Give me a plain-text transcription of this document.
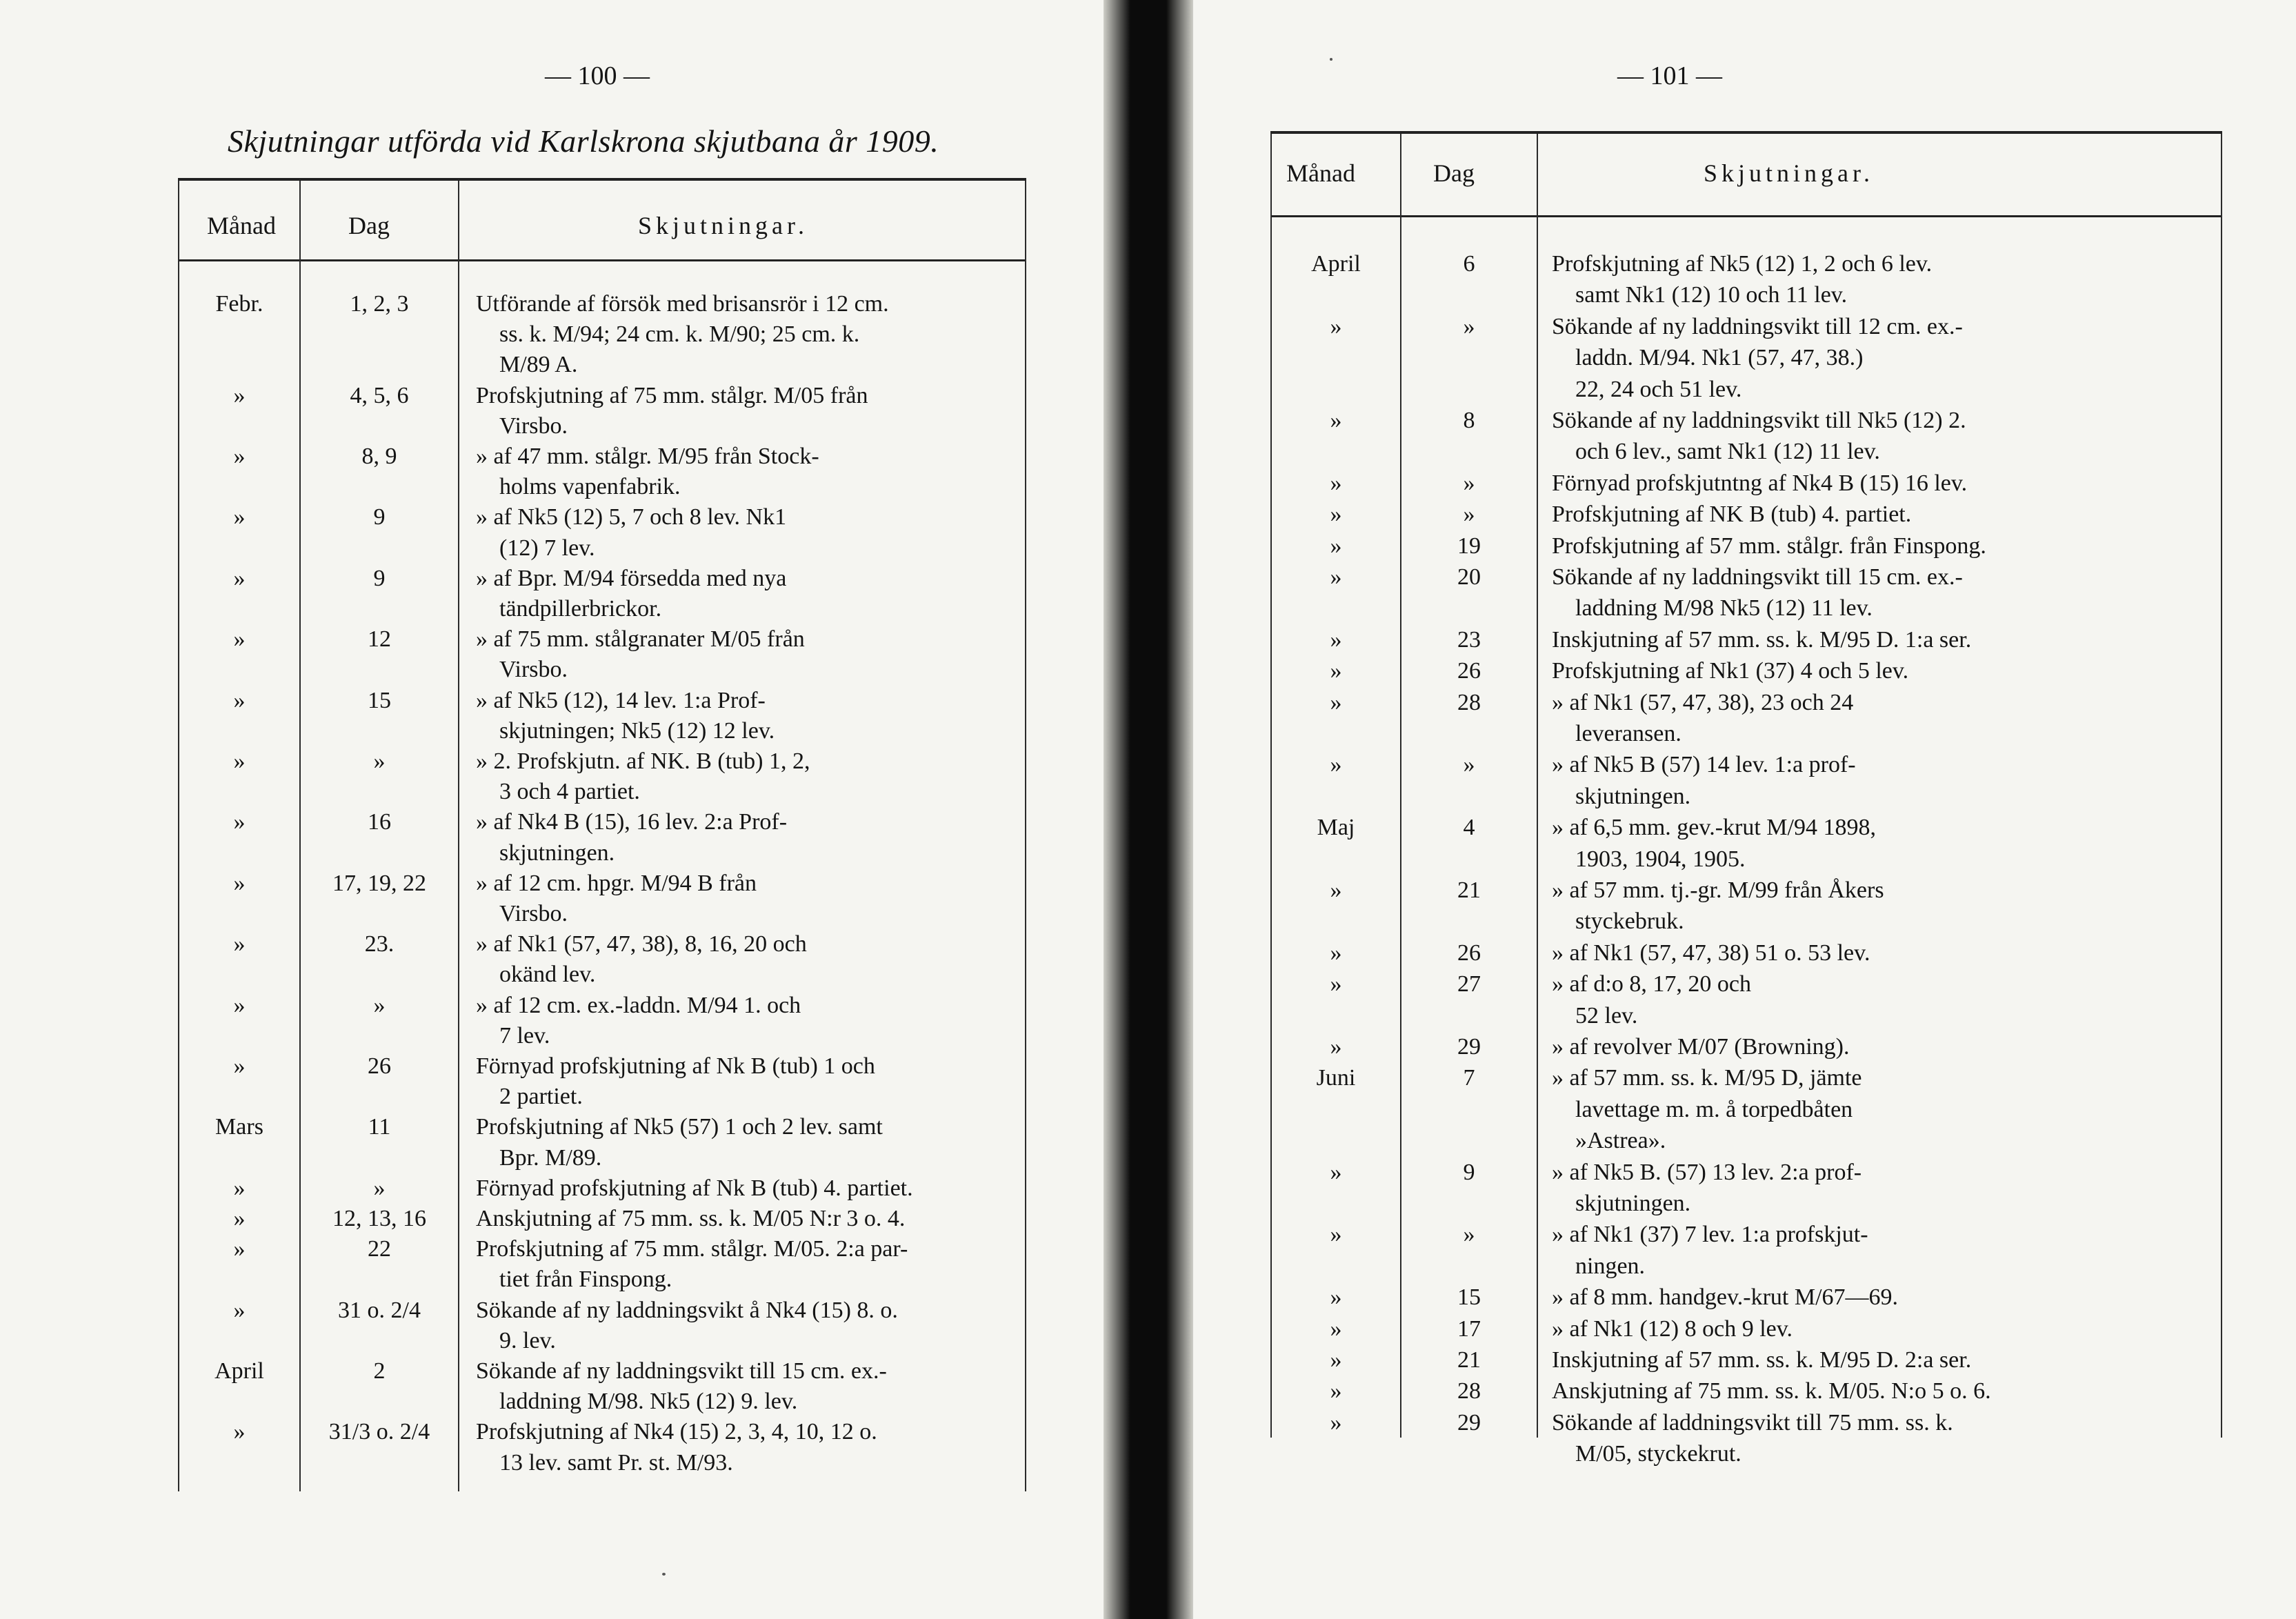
— 100 —
Skjutningar utförda vid Karlskrona skjutbana år 1909.
Månad	Dag	Skjutningar.
Febr.	1, 2, 3	Utförande af försök med brisansrör i 12 cm.
ss. k. M/94; 24 cm. k. M/90; 25 cm. k.
M/89 A.
»	4, 5, 6	Profskjutning af 75 mm. stålgr. M/05 från
Virsbo.
»	8, 9	» af 47 mm. stålgr. M/95 från Stock-
holms vapenfabrik.
»	9	» af Nk5 (12) 5, 7 och 8 lev. Nk1
(12) 7 lev.
»	9	» af Bpr. M/94 försedda med nya
tändpillerbrickor.
»	12	» af 75 mm. stålgranater M/05 från
Virsbo.
»	15	» af Nk5 (12), 14 lev. 1:a Prof-
skjutningen; Nk5 (12) 12 lev.
»	»	» 2. Profskjutn. af NK. B (tub) 1, 2,
3 och 4 partiet.
»	16	» af Nk4 B (15), 16 lev. 2:a Prof-
skjutningen.
»	17, 19, 22	» af 12 cm. hpgr. M/94 B från
Virsbo.
»	23.	» af Nk1 (57, 47, 38), 8, 16, 20 och
okänd lev.
»	»	» af 12 cm. ex.-laddn. M/94 1. och
7 lev.
»	26	Förnyad profskjutning af Nk B (tub) 1 och
2 partiet.
Mars	11	Profskjutning af Nk5 (57) 1 och 2 lev. samt
Bpr. M/89.
»	»	Förnyad profskjutning af Nk B (tub) 4. partiet.
»	12, 13, 16	Anskjutning af 75 mm. ss. k. M/05 N:r 3 o. 4.
»	22	Profskjutning af 75 mm. stålgr. M/05. 2:a par-
tiet från Finspong.
»	31 o. 2/4	Sökande af ny laddningsvikt å Nk4 (15) 8. o.
9. lev.
April	2	Sökande af ny laddningsvikt till 15 cm. ex.-
laddning M/98. Nk5 (12) 9. lev.
»	31/3 o. 2/4	Profskjutning af Nk4 (15) 2, 3, 4, 10, 12 o.
13 lev. samt Pr. st. M/93.
— 101 —
Månad	Dag	Skjutningar.
April	6	Profskjutning af Nk5 (12) 1, 2 och 6 lev.
samt Nk1 (12) 10 och 11 lev.
»	»	Sökande af ny laddningsvikt till 12 cm. ex.-
laddn. M/94. Nk1 (57, 47, 38.)
22, 24 och 51 lev.
»	8	Sökande af ny laddningsvikt till Nk5 (12) 2.
och 6 lev., samt Nk1 (12) 11 lev.
»	»	Förnyad profskjutntng af Nk4 B (15) 16 lev.
»	»	Profskjutning af NK B (tub) 4. partiet.
»	19	Profskjutning af 57 mm. stålgr. från Finspong.
»	20	Sökande af ny laddningsvikt till 15 cm. ex.-
laddning M/98 Nk5 (12) 11 lev.
»	23	Inskjutning af 57 mm. ss. k. M/95 D. 1:a ser.
»	26	Profskjutning af Nk1 (37) 4 och 5 lev.
»	28	» af Nk1 (57, 47, 38), 23 och 24
leveransen.
»	»	» af Nk5 B (57) 14 lev. 1:a prof-
skjutningen.
Maj	4	» af 6,5 mm. gev.-krut M/94 1898,
1903, 1904, 1905.
»	21	» af 57 mm. tj.-gr. M/99 från Åkers
styckebruk.
»	26	» af Nk1 (57, 47, 38) 51 o. 53 lev.
»	27	» af d:o 8, 17, 20 och
52 lev.
»	29	» af revolver M/07 (Browning).
Juni	7	» af 57 mm. ss. k. M/95 D, jämte
lavettage m. m. å torpedbåten
»Astrea».
»	9	» af Nk5 B. (57) 13 lev. 2:a prof-
skjutningen.
»	»	» af Nk1 (37) 7 lev. 1:a profskjut-
ningen.
»	15	» af 8 mm. handgev.-krut M/67—69.
»	17	» af Nk1 (12) 8 och 9 lev.
»	21	Inskjutning af 57 mm. ss. k. M/95 D. 2:a ser.
»	28	Anskjutning af 75 mm. ss. k. M/05. N:o 5 o. 6.
»	29	Sökande af laddningsvikt till 75 mm. ss. k.
M/05, styckekrut.
